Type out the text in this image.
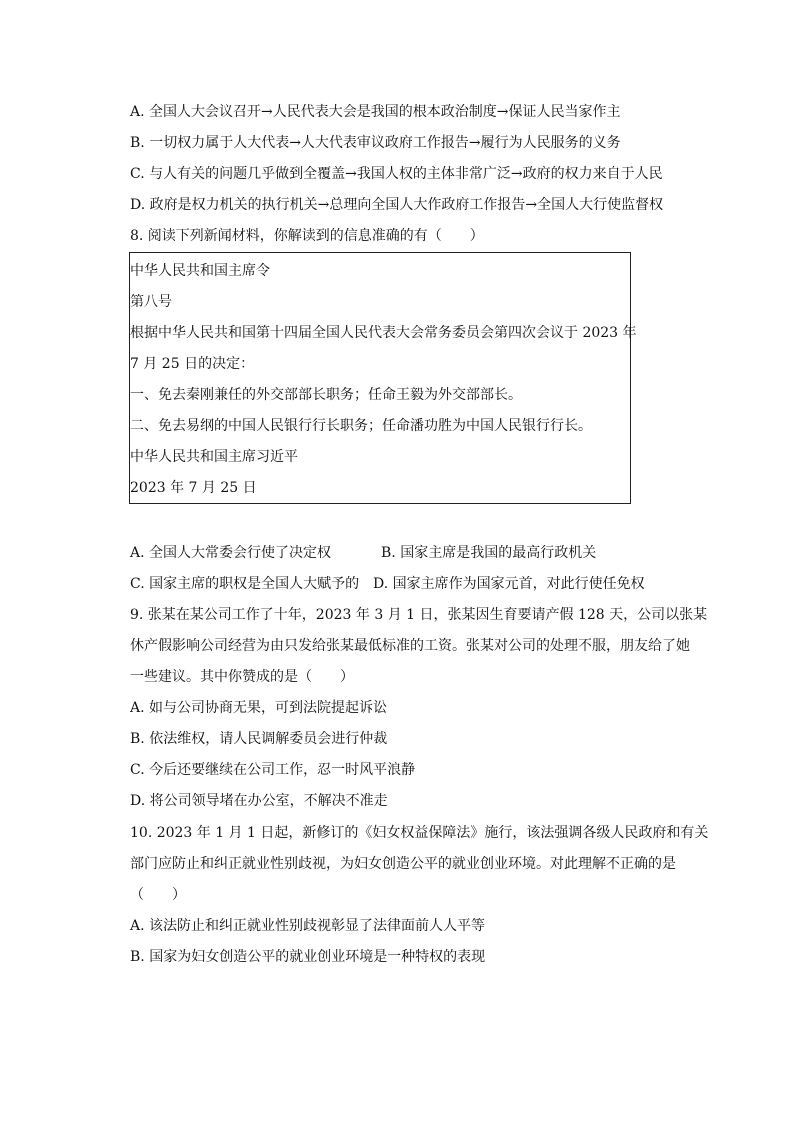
A. 全国人大会议召开→人民代表大会是我国的根本政治制度→保证人民当家作主
B. 一切权力属于人大代表→人大代表审议政府工作报告→履行为人民服务的义务
C. 与人有关的问题几乎做到全覆盖→我国人权的主体非常广泛→政府的权力来自于人民
D. 政府是权力机关的执行机关→总理向全国人大作政府工作报告→全国人大行使监督权
8. 阅读下列新闻材料，你解读到的信息准确的有（　　）
中华人民共和国主席令
第八号
根据中华人民共和国第十四届全国人民代表大会常务委员会第四次会议于 2023 年
7 月 25 日的决定：
一、免去秦刚兼任的外交部部长职务；任命王毅为外交部部长。
二、免去易纲的中国人民银行行长职务；任命潘功胜为中国人民银行行长。
中华人民共和国主席习近平
2023 年 7 月 25 日
A. 全国人大常委会行使了决定权	B. 国家主席是我国的最高行政机关
C. 国家主席的职权是全国人大赋予的 D. 国家主席作为国家元首，对此行使任免权
9. 张某在某公司工作了十年，2023 年 3 月 1 日，张某因生育要请产假 128 天，公司以张某
休产假影响公司经营为由只发给张某最低标准的工资。张某对公司的处理不服，朋友给了她
一些建议。其中你赞成的是（　　）
A. 如与公司协商无果，可到法院提起诉讼
B. 依法维权，请人民调解委员会进行仲裁
C. 今后还要继续在公司工作，忍一时风平浪静
D. 将公司领导堵在办公室，不解决不准走
10. 2023 年 1 月 1 日起，新修订的《妇女权益保障法》施行，该法强调各级人民政府和有关
部门应防止和纠正就业性别歧视，为妇女创造公平的就业创业环境。对此理解不正确的是
（　　）
A. 该法防止和纠正就业性别歧视彰显了法律面前人人平等
B. 国家为妇女创造公平的就业创业环境是一种特权的表现
